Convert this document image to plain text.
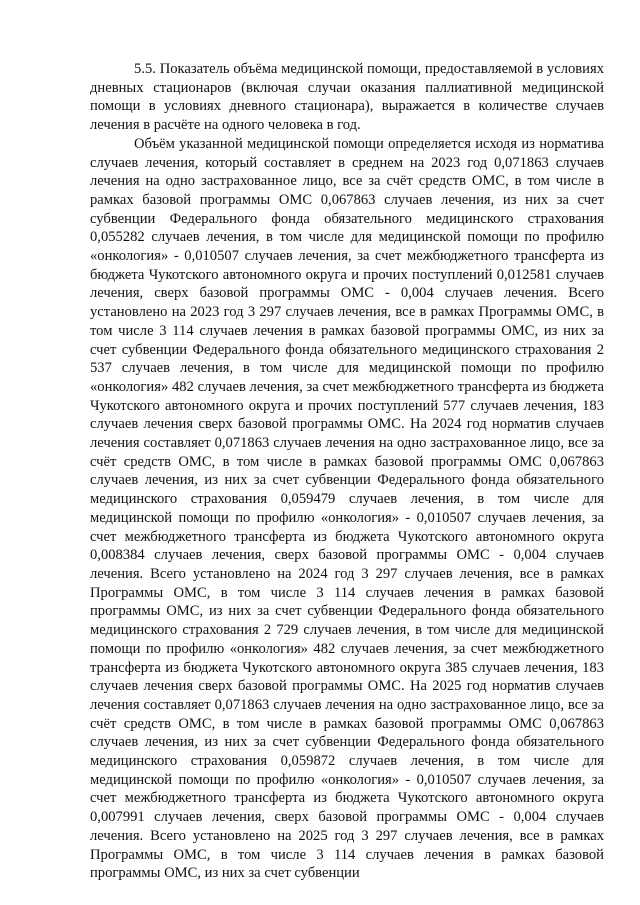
5.5. Показатель объёма медицинской помощи, предоставляемой в условиях дневных стационаров (включая случаи оказания паллиативной медицинской помощи в условиях дневного стационара), выражается в количестве случаев лечения в расчёте на одного человека в год.

Объём указанной медицинской помощи определяется исходя из норматива случаев лечения, который составляет в среднем на 2023 год 0,071863 случаев лечения на одно застрахованное лицо, все за счёт средств ОМС, в том числе в рамках базовой программы ОМС 0,067863 случаев лечения, из них за счет субвенции Федерального фонда обязательного медицинского страхования 0,055282 случаев лечения, в том числе для медицинской помощи по профилю «онкология» - 0,010507 случаев лечения, за счет межбюджетного трансферта из бюджета Чукотского автономного округа и прочих поступлений 0,012581 случаев лечения, сверх базовой программы ОМС - 0,004 случаев лечения. Всего установлено на 2023 год 3 297 случаев лечения, все в рамках Программы ОМС, в том числе 3 114 случаев лечения в рамках базовой программы ОМС, из них за счет субвенции Федерального фонда обязательного медицинского страхования 2 537 случаев лечения, в том числе для медицинской помощи по профилю «онкология» 482 случаев лечения, за счет межбюджетного трансферта из бюджета Чукотского автономного округа и прочих поступлений 577 случаев лечения, 183 случаев лечения сверх базовой программы ОМС. На 2024 год норматив случаев лечения составляет 0,071863 случаев лечения на одно застрахованное лицо, все за счёт средств ОМС, в том числе в рамках базовой программы ОМС 0,067863 случаев лечения, из них за счет субвенции Федерального фонда обязательного медицинского страхования 0,059479 случаев лечения, в том числе для медицинской помощи по профилю «онкология» - 0,010507 случаев лечения, за счет межбюджетного трансферта из бюджета Чукотского автономного округа 0,008384 случаев лечения, сверх базовой программы ОМС - 0,004 случаев лечения. Всего установлено на 2024 год 3 297 случаев лечения, все в рамках Программы ОМС, в том числе 3 114 случаев лечения в рамках базовой программы ОМС, из них за счет субвенции Федерального фонда обязательного медицинского страхования 2 729 случаев лечения, в том числе для медицинской помощи по профилю «онкология» 482 случаев лечения, за счет межбюджетного трансферта из бюджета Чукотского автономного округа 385 случаев лечения, 183 случаев лечения сверх базовой программы ОМС. На 2025 год норматив случаев лечения составляет 0,071863 случаев лечения на одно застрахованное лицо, все за счёт средств ОМС, в том числе в рамках базовой программы ОМС 0,067863 случаев лечения, из них за счет субвенции Федерального фонда обязательного медицинского страхования 0,059872 случаев лечения, в том числе для медицинской помощи по профилю «онкология» - 0,010507 случаев лечения, за счет межбюджетного трансферта из бюджета Чукотского автономного округа 0,007991 случаев лечения, сверх базовой программы ОМС - 0,004 случаев лечения. Всего установлено на 2025 год 3 297 случаев лечения, все в рамках Программы ОМС, в том числе 3 114 случаев лечения в рамках базовой программы ОМС, из них за счет субвенции
